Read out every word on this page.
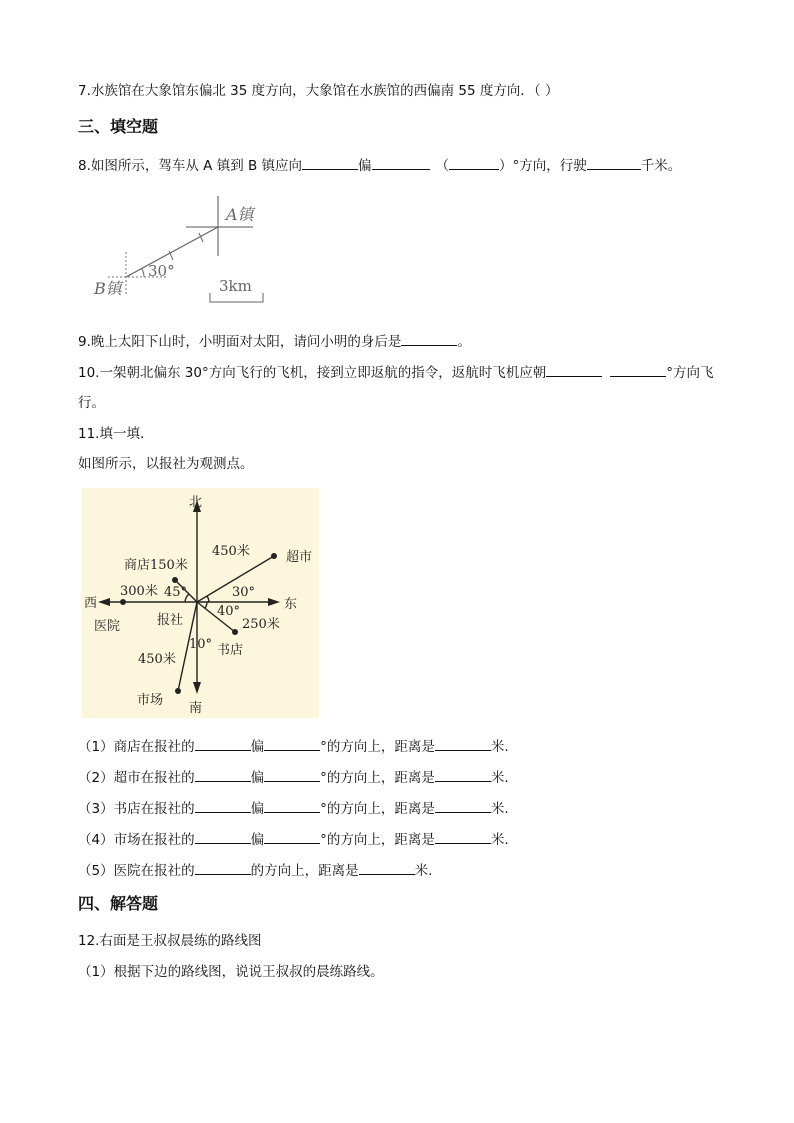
7.水族馆在大象馆东偏北 35 度方向，大象馆在水族馆的西偏南 55 度方向．（ ）
三、填空题
8.如图所示，驾车从 A 镇到 B 镇应向	偏	（	）°方向，行驶	千米。
A镇
B镇
30°
3km
9.晚上太阳下山时，小明面对太阳，请问小明的身后是	。
10.一架朝北偏东 30°方向飞行的飞机，接到立即返航的指令，返航时飞机应朝	°方向飞
行。
11.填一填.
如图所示，以报社为观测点。
北
南
东
西
报社
商店150米
超市
450米
300米
医院	250米
书店
450米
市场
45°	30°
40°
10°
（1）商店在报社的	偏	°的方向上，距离是	米.
（2）超市在报社的	偏	°的方向上，距离是	米.
（3）书店在报社的	偏	°的方向上，距离是	米.
（4）市场在报社的	偏	°的方向上，距离是	米.
（5）医院在报社的	的方向上，距离是	米.
四、解答题
12.右面是王叔叔晨练的路线图
（1）根据下边的路线图，说说王叔叔的晨练路线。
